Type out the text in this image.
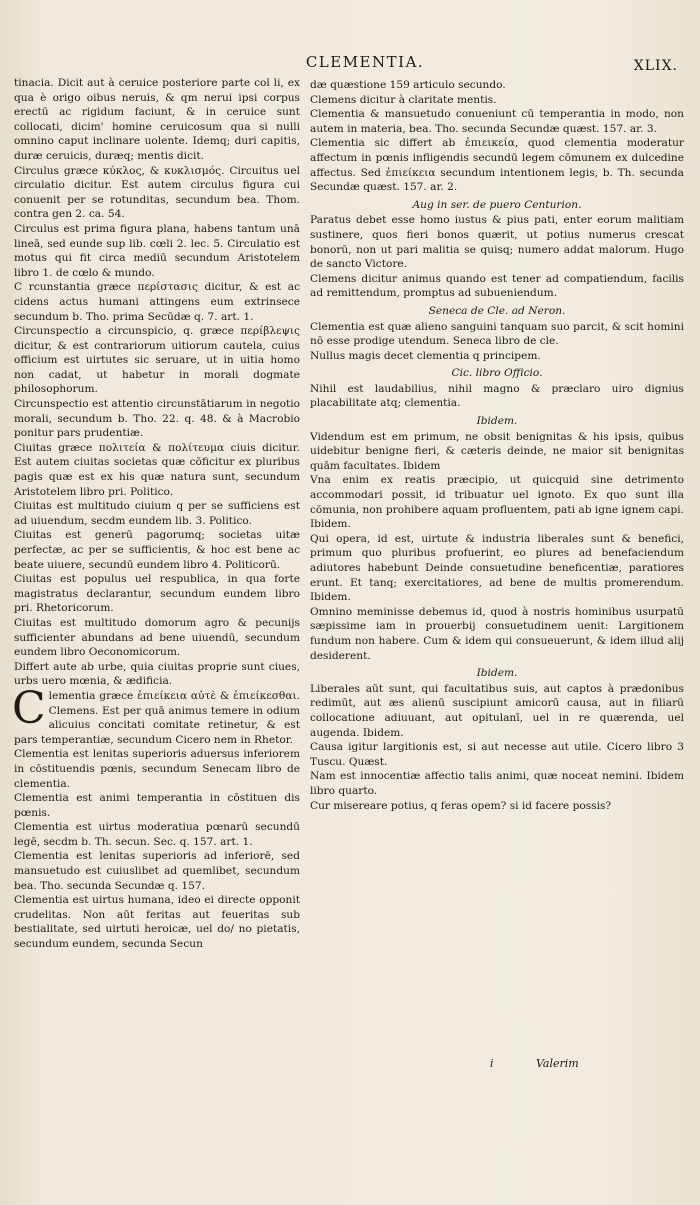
CLEMENTIA.	XLIX.

tinacia. Dicit aut à ceruice posteriore parte col li, ex qua è origo oibus neruis, & qm nerui ipsi corpus erectū ac rigidum faciunt, & in ceruice sunt collocati, dicim' homine ceruicosum qua si nulli omnino caput inclinare uolente. Idemq; duri capitis, duræ ceruicis, duræq; mentis dicit.

Circulus græce κύκλος, & κυκλισμός. Circuitus uel circulatio dicitur. Est autem circulus figura cui conuenit per se rotunditas, secundum bea. Thom. contra gen 2. ca. 54.

Circulus est prima figura plana, habens tantum unā lineā, sed eunde sup lib. cœli 2. lec. 5. Circulatio est motus qui fit circa mediū secundum Aristotelem libro 1. de cœlo & mundo.

C rcunstantia græce περίστασις dicitur, & est ac cidens actus humani attingens eum extrinsece secundum b. Tho. prima Secūdæ q. 7. art. 1.

Circunspectio a circunspicio, q. græce περίβλεψις dicitur, & est contrariorum uitiorum cautela, cuius officium est uirtutes sic seruare, ut in uitia homo non cadat, ut habetur in morali dogmate philosophorum.

Circunspectio est attentio circunstātiarum in negotio morali, secundum b. Tho. 22. q. 48. & à Macrobio ponitur pars prudentiæ.

Ciuitas græce πολιτεία & πολίτευμα ciuis dicitur. Est autem ciuitas societas quæ cōficitur ex pluribus pagis quæ est ex his quæ natura sunt, secundum Aristotelem libro pri. Politico.

Ciuitas est multitudo ciuium q per se sufficiens est ad uiuendum, secdm eundem lib. 3. Politico.

Ciuitas est generū pagorumq; societas uitæ perfectæ, ac per se sufficientis, & hoc est bene ac beate uiuere, secundū eundem libro 4. Politicorū.

Ciuitas est populus uel respublica, in qua forte magistratus declarantur, secundum eundem libro pri. Rhetoricorum.

Ciuitas est multitudo domorum agro & pecunijs sufficienter abundans ad bene uiuendū, secundum eundem libro Oeconomicorum.

Differt aute ab urbe, quia ciuitas proprie sunt ciues, urbs uero mœnia, & ædificia.

Clementia græce ἐπιείκεια αὐτὲ & ἐπιείκεσθαι. Clemens. Est per quā animus temere in odium alicuius concitati comitate retinetur, & est pars temperantiæ, secundum Cicero nem in Rhetor.

Clementia est lenitas superioris aduersus inferiorem in cōstituendis pœnis, secundum Senecam libro de clementia.

Clementia est animi temperantia in cōstituen dis pœnis.

Clementia est uirtus moderatiua pœnarū secundū legē, secdm b. Th. secun. Sec. q. 157. art. 1.

Clementia est lenitas superioris ad inferiorē, sed mansuetudo est cuiuslibet ad quemlibet, secundum bea. Tho. secunda Secundæ q. 157.

Clementia est uirtus humana, ideo ei directe opponit crudelitas. Non aūt feritas aut feueritas sub bestialitate, sed uirtuti heroicæ, uel do/ no pietatis, secundum eundem, secunda Secun

dæ quæstione 159 articulo secundo.

Clemens dicitur à claritate mentis.

Clementia & mansuetudo conueniunt cū temperantia in modo, non autem in materia, bea. Tho. secunda Secundæ quæst. 157. ar. 3.

Clementia sic differt ab ἐπιεικεία, quod clementia moderatur affectum in pœnis infligendis secundū legem cōmunem ex dulcedine affectus. Sed ἐπιείκεια secundum intentionem legis, b. Th. secunda Secundæ quæst. 157. ar. 2.

Aug in ser. de puero Centurion.

Paratus debet esse homo iustus & pius pati, enter eorum malitiam sustinere, quos fieri bonos quærit, ut potius numerus crescat bonorū, non ut pari malitia se quisq; numero addat malorum. Hugo de sancto Victore.

Clemens dicitur animus quando est tener ad compatiendum, facilis ad remittendum, promptus ad subueniendum.

Seneca de Cle. ad Neron.

Clementia est quæ alieno sanguini tanquam suo parcit, & scit homini nō esse prodige utendum. Seneca libro de cle.

Nullus magis decet clementia q principem.

Cic. libro Officio.

Nihil est laudabilius, nihil magno & præclaro uiro dignius placabilitate atq; clementia.

Ibidem.

Videndum est em primum, ne obsit benignitas & his ipsis, quibus uidebitur benigne fieri, & cæteris deinde, ne maior sit benignitas quām facultates. Ibidem

Vna enim ex reatis præcipio, ut quicquid sine detrimento accommodari possit, id tribuatur uel ignoto. Ex quo sunt illa cōmunia, non prohibere aquam profluentem, pati ab igne ignem capi. Ibidem.

Qui opera, id est, uirtute & industria liberales sunt & benefici, primum quo pluribus profuerint, eo plures ad benefaciendum adiutores habebunt Deinde consuetudine beneficentiæ, paratiores erunt. Et tanq; exercitatiores, ad bene de multis promerendum. Ibidem.

Omnino meminisse debemus id, quod à nostris hominibus usurpatū sæpissime iam in prouerbij consuetudinem uenit: Largitionem fundum non habere. Cum & idem qui consueuerunt, & idem illud alij desiderent.

Ibidem.

Liberales aūt sunt, qui facultatibus suis, aut captos à prædonibus redimūt, aut æs alienū suscipiunt amicorū causa, aut in filiarū collocatione adiuuant, aut opitulanī, uel in re quærenda, uel augenda. Ibidem.

Causa igitur largitionis est, si aut necesse aut utile. Cicero libro 3 Tuscu. Quæst.

Nam est innocentiæ affectio talis animi, quæ noceat nemini. Ibidem libro quarto.

Cur misereare potius, q feras opem? si id facere possis?

i	Valerim
